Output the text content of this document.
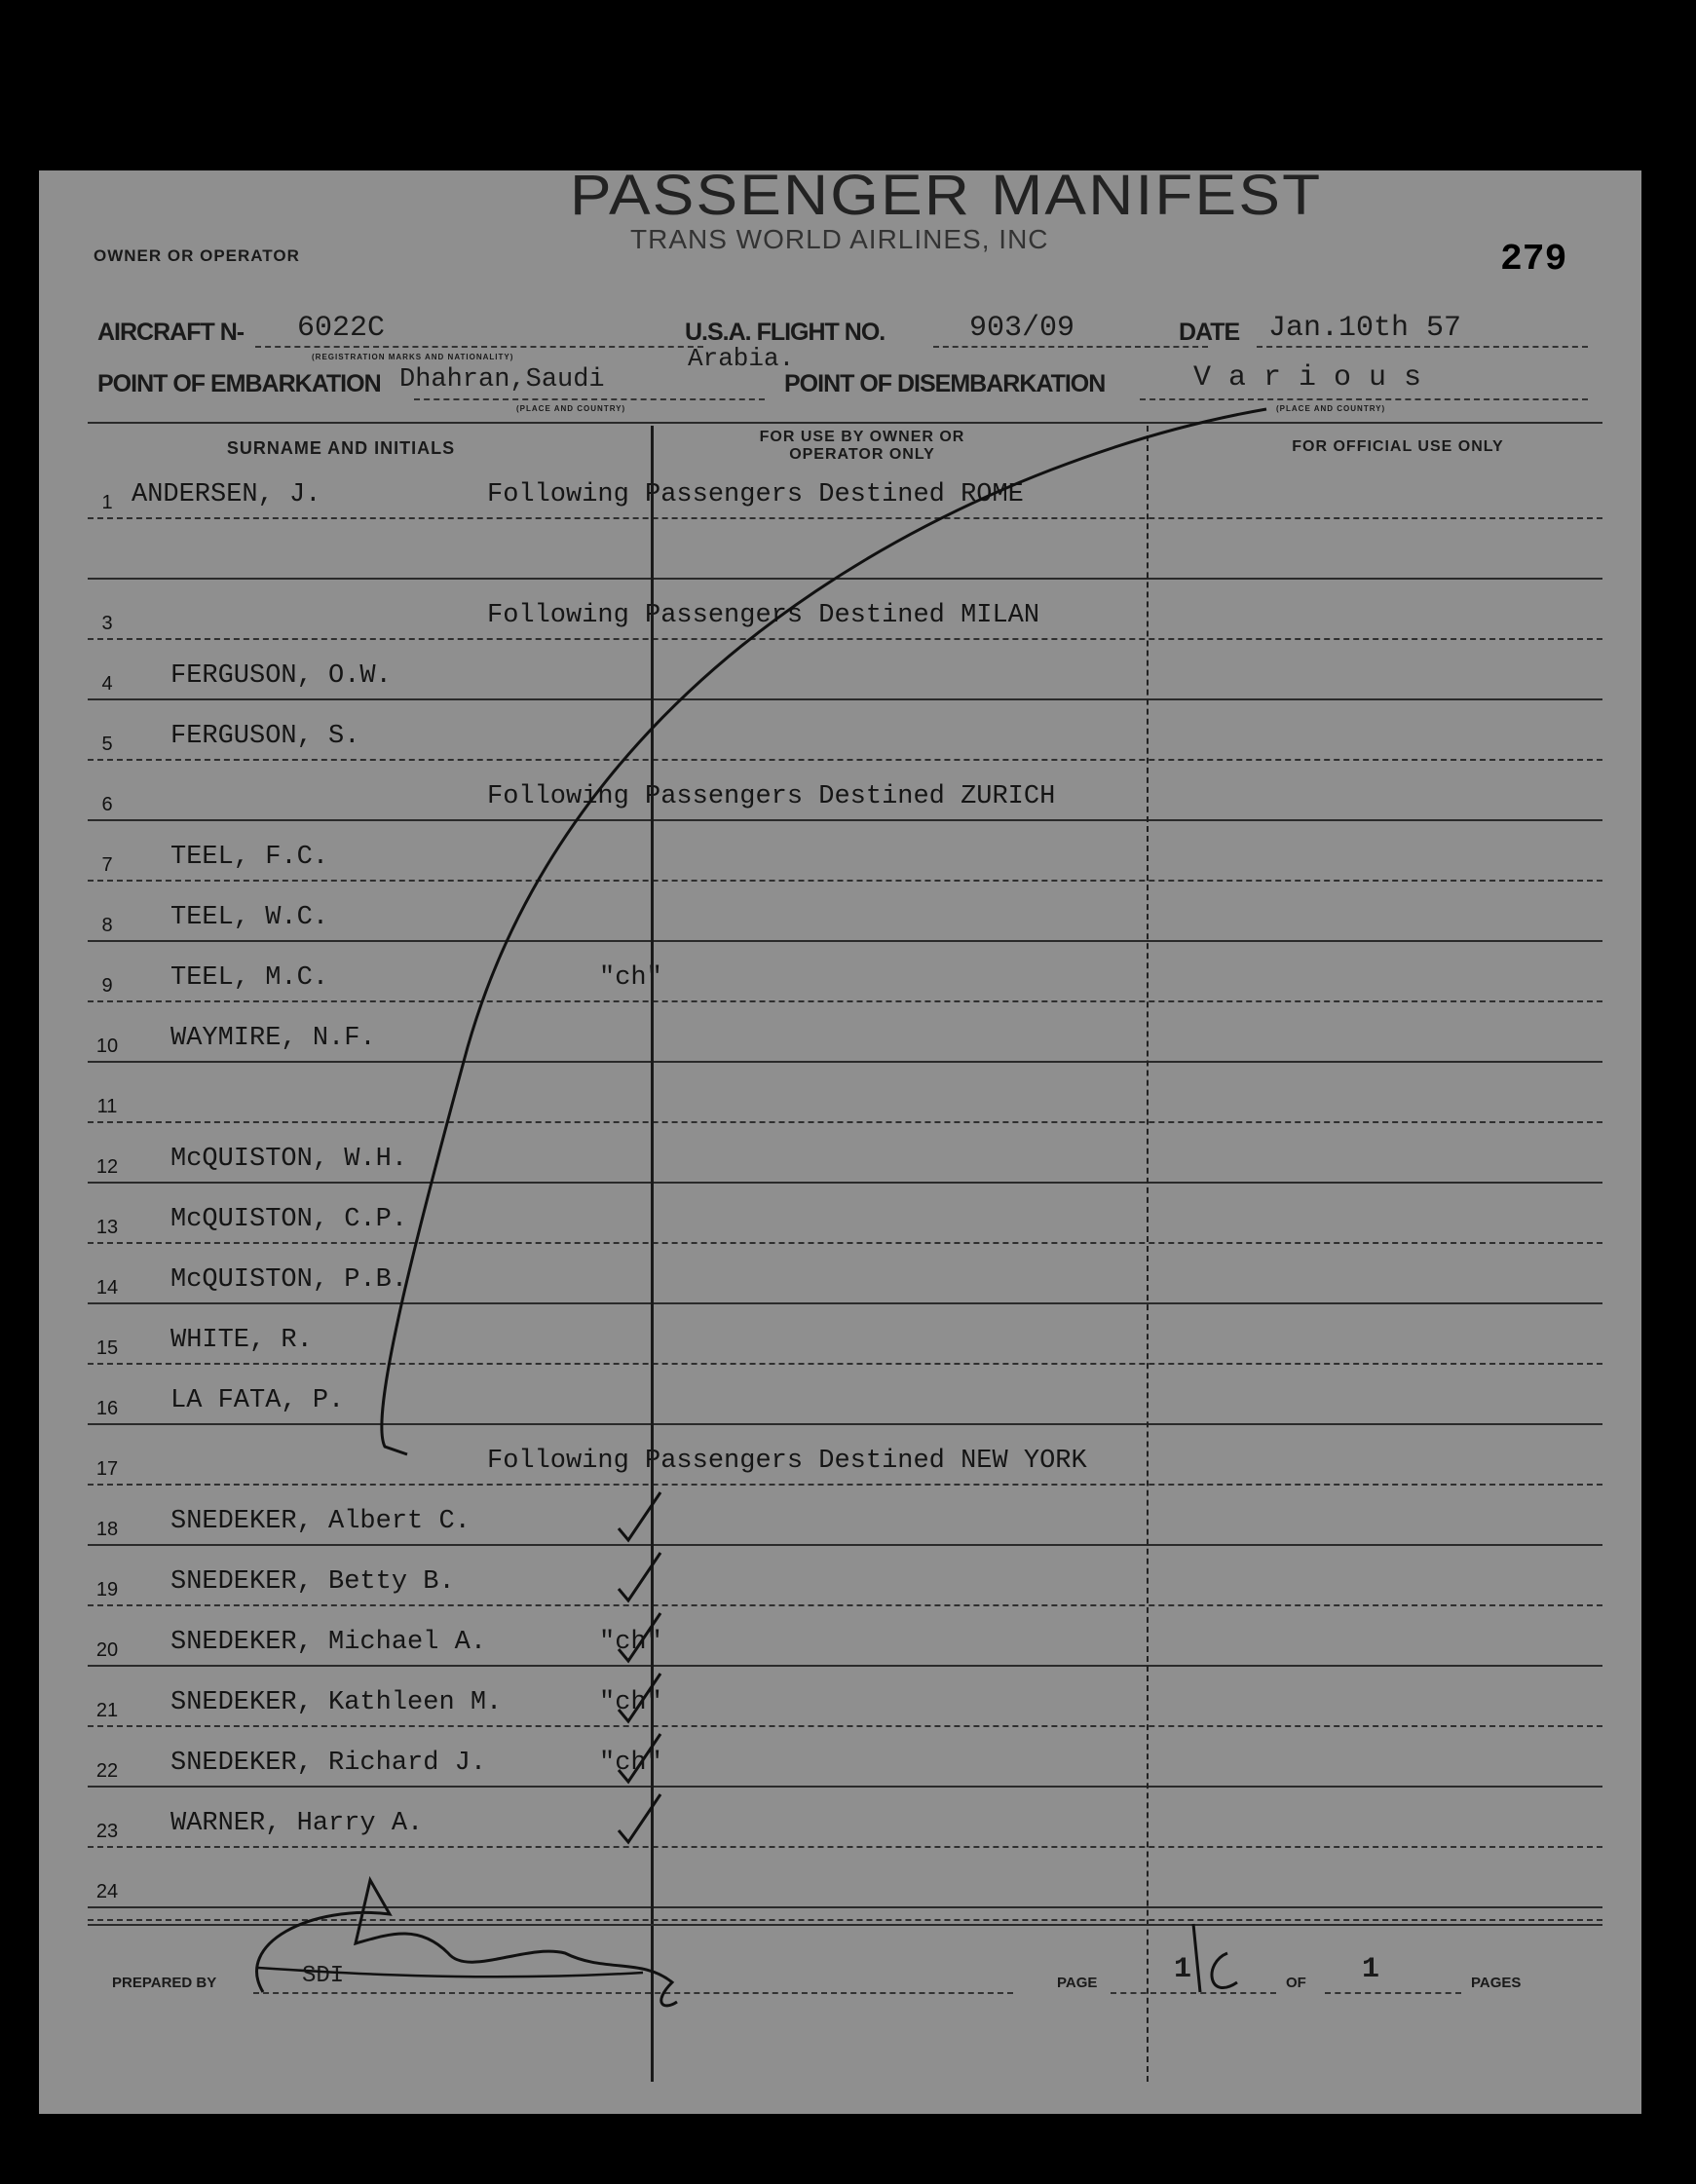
PASSENGER MANIFEST
TRANS WORLD AIRLINES, INC
OWNER OR OPERATOR	279
AIRCRAFT N- 6022C
(REGISTRATION MARKS AND NATIONALITY)
U.S.A. FLIGHT NO.	903/09	DATE Jan.10th 57
Arabia.
POINT OF EMBARKATION Dhahran,Saudi
(PLACE AND COUNTRY)
POINT OF DISEMBARKATION	V a r i o u s
(PLACE AND COUNTRY)
SURNAME AND INITIALS
FOR USE BY OWNER OR OPERATOR ONLY	FOR OFFICIAL USE ONLY
1 ANDERSEN, J.	Following Passengers Destined ROME
3	Following Passengers Destined MILAN
4	FERGUSON, O.W.
5	FERGUSON, S.
6	Following Passengers Destined ZURICH
7	TEEL, F.C.
8	TEEL, W.C.
9	TEEL, M.C.	"ch"
10	WAYMIRE, N.F.
11
12	McQUISTON, W.H.
13	McQUISTON, C.P.
14	McQUISTON, P.B.
15	WHITE, R.
16	LA FATA, P.
17	Following Passengers Destined NEW YORK
18	SNEDEKER, Albert C.
19	SNEDEKER, Betty B.
20	SNEDEKER, Michael A.	"ch"
21	SNEDEKER, Kathleen M.	"ch"
22	SNEDEKER, Richard J.	"ch"
23	WARNER, Harry A.
24
PREPARED BY	SDI	PAGE	1	OF 1	PAGES
